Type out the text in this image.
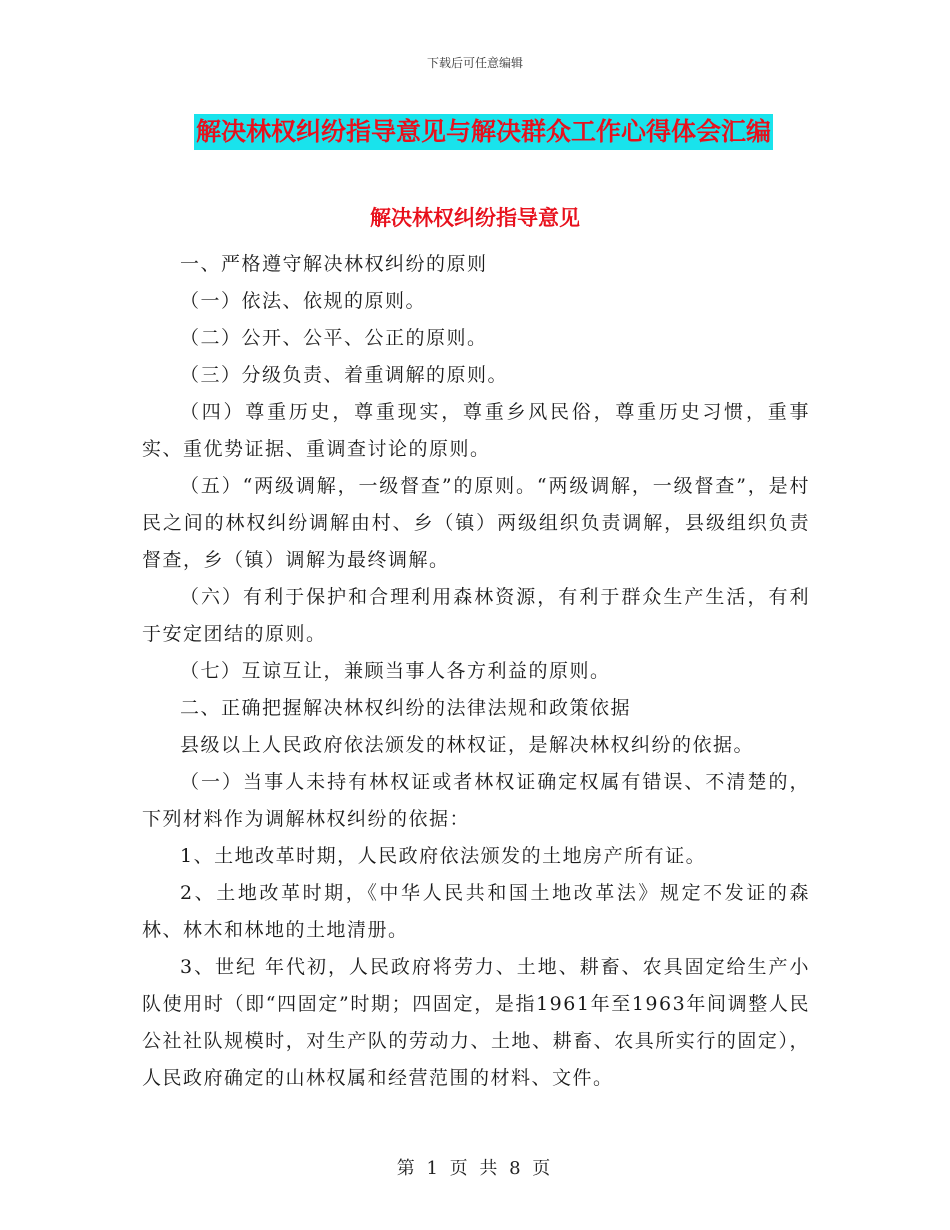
下载后可任意编辑
解决林权纠纷指导意见与解决群众工作心得体会汇编
解决林权纠纷指导意见

一、严格遵守解决林权纠纷的原则

（一）依法、依规的原则。

（二）公开、公平、公正的原则。

（三）分级负责、着重调解的原则。

（四）尊重历史，尊重现实，尊重乡风民俗，尊重历史习惯，重事实、重优势证据、重调查讨论的原则。

（五）“两级调解，一级督查”的原则。“两级调解，一级督查”，是村民之间的林权纠纷调解由村、乡（镇）两级组织负责调解，县级组织负责督查，乡（镇）调解为最终调解。

（六）有利于保护和合理利用森林资源，有利于群众生产生活，有利于安定团结的原则。

（七）互谅互让，兼顾当事人各方利益的原则。

二、正确把握解决林权纠纷的法律法规和政策依据

县级以上人民政府依法颁发的林权证，是解决林权纠纷的依据。

（一）当事人未持有林权证或者林权证确定权属有错误、不清楚的，下列材料作为调解林权纠纷的依据：

1、土地改革时期，人民政府依法颁发的土地房产所有证。

2、土地改革时期，《中华人民共和国土地改革法》规定不发证的森林、林木和林地的土地清册。

3、世纪 年代初，人民政府将劳力、土地、耕畜、农具固定给生产小队使用时（即“四固定”时期；四固定，是指1961年至1963年间调整人民公社社队规模时，对生产队的劳动力、土地、耕畜、农具所实行的固定），人民政府确定的山林权属和经营范围的材料、文件。

第 1 页 共 8 页
